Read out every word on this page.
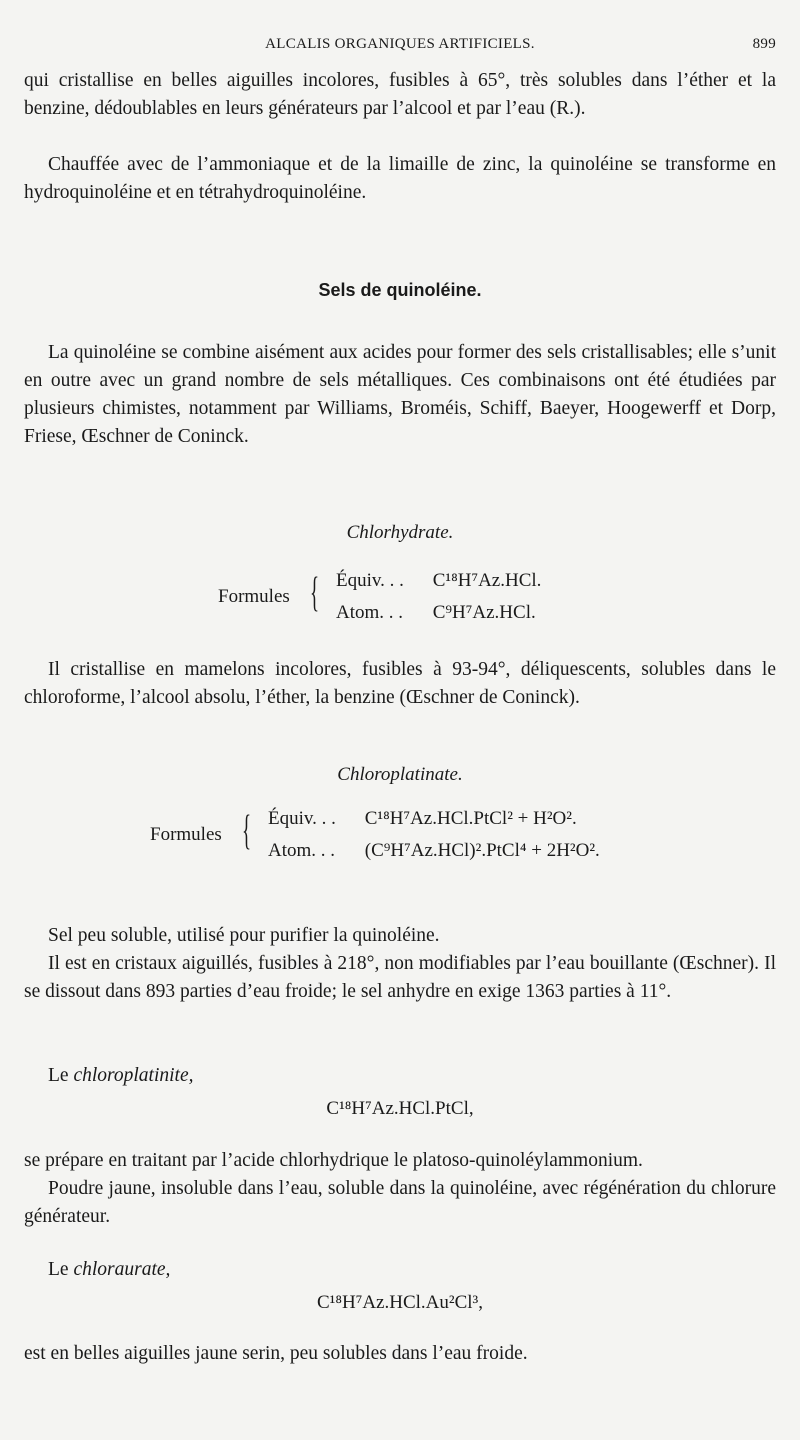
ALCALIS ORGANIQUES ARTIFICIELS.	899

qui cristallise en belles aiguilles incolores, fusibles à 65°, très solubles dans l’éther et la benzine, dédoublables en leurs générateurs par l’alcool et par l’eau (R.).

Chauffée avec de l’ammoniaque et de la limaille de zinc, la quinoléine se transforme en hydroquinoléine et en tétrahydroquinoléine.

Sels de quinoléine.

La quinoléine se combine aisément aux acides pour former des sels cristallisables; elle s’unit en outre avec un grand nombre de sels métalliques. Ces combinaisons ont été étudiées par plusieurs chimistes, notamment par Williams, Broméis, Schiff, Baeyer, Hoogewerff et Dorp, Friese, Œschner de Coninck.

Chlorhydrate.
Formules { Équiv. . . C¹⁸H⁷Az.HCl.
Atom. . . C⁹H⁷Az.HCl.

Il cristallise en mamelons incolores, fusibles à 93-94°, déliquescents, solubles dans le chloroforme, l’alcool absolu, l’éther, la benzine (Œschner de Coninck).

Chloroplatinate.
Formules { Équiv. . . C¹⁸H⁷Az.HCl.PtCl² + H²O².
Atom. . . (C⁹H⁷Az.HCl)².PtCl⁴ + 2H²O².

Sel peu soluble, utilisé pour purifier la quinoléine.

Il est en cristaux aiguillés, fusibles à 218°, non modifiables par l’eau bouillante (Œschner). Il se dissout dans 893 parties d’eau froide; le sel anhydre en exige 1363 parties à 11°.

Le chloroplatinite,

C¹⁸H⁷Az.HCl.PtCl,

se prépare en traitant par l’acide chlorhydrique le platoso-quinoléylammonium.

Poudre jaune, insoluble dans l’eau, soluble dans la quinoléine, avec régénération du chlorure générateur.

Le chloraurate,

C¹⁸H⁷Az.HCl.Au²Cl³,

est en belles aiguilles jaune serin, peu solubles dans l’eau froide.
